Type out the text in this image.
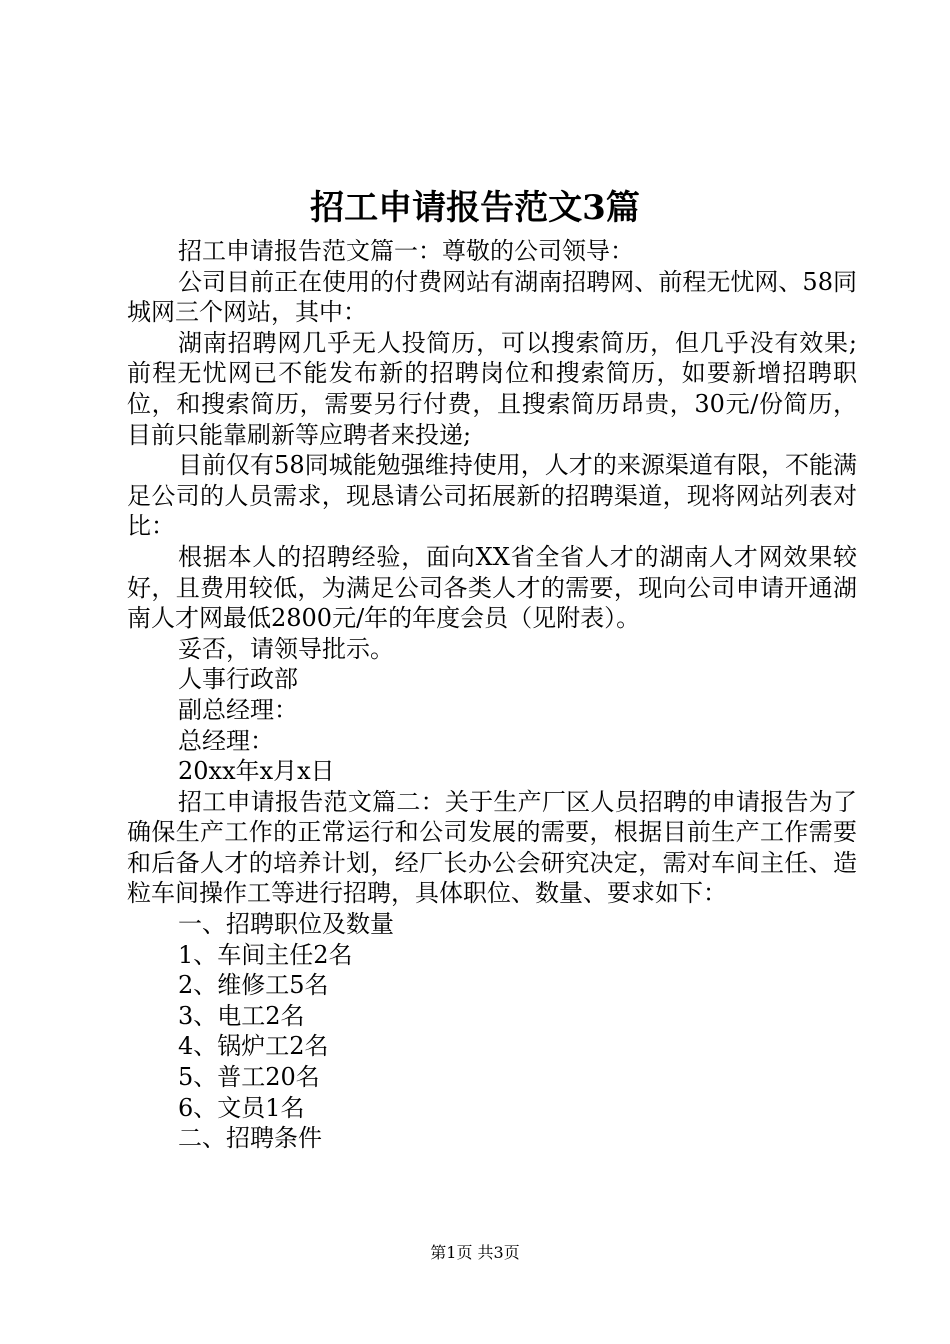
招工申请报告范文3篇

招工申请报告范文篇一：尊敬的公司领导：

公司目前正在使用的付费网站有湖南招聘网、前程无忧网、58同城网三个网站，其中：

湖南招聘网几乎无人投简历，可以搜索简历，但几乎没有效果;前程无忧网已不能发布新的招聘岗位和搜索简历，如要新增招聘职位，和搜索简历，需要另行付费，且搜索简历昂贵，30元/份简历，目前只能靠刷新等应聘者来投递;

目前仅有58同城能勉强维持使用，人才的来源渠道有限，不能满足公司的人员需求，现恳请公司拓展新的招聘渠道，现将网站列表对比：

根据本人的招聘经验，面向XX省全省人才的湖南人才网效果较好，且费用较低，为满足公司各类人才的需要，现向公司申请开通湖南人才网最低2800元/年的年度会员（见附表）。

妥否，请领导批示。

人事行政部

副总经理：

总经理：

20xx年x月x日

招工申请报告范文篇二：关于生产厂区人员招聘的申请报告为了确保生产工作的正常运行和公司发展的需要，根据目前生产工作需要和后备人才的培养计划，经厂长办公会研究决定，需对车间主任、造粒车间操作工等进行招聘，具体职位、数量、要求如下：

一、招聘职位及数量

1、车间主任2名

2、维修工5名

3、电工2名

4、锅炉工2名

5、普工20名

6、文员1名

二、招聘条件

第1页 共3页
